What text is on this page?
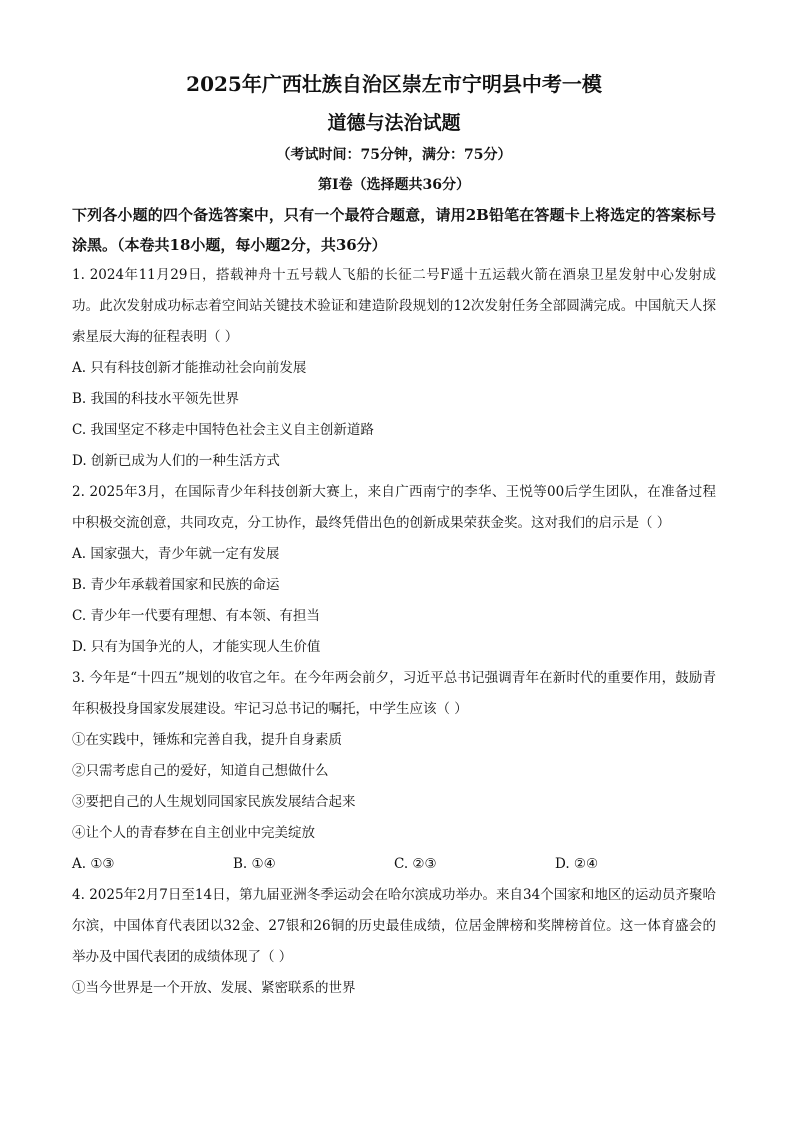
2025年广西壮族自治区崇左市宁明县中考一模
道德与法治试题
（考试时间：75分钟，满分：75分）
第I卷（选择题共36分）

下列各小题的四个备选答案中，只有一个最符合题意，请用2B铅笔在答题卡上将选定的答案标号涂黑。（本卷共18小题，每小题2分，共36分）

1. 2024年11月29日，搭载神舟十五号载人飞船的长征二号F遥十五运载火箭在酒泉卫星发射中心发射成功。此次发射成功标志着空间站关键技术验证和建造阶段规划的12次发射任务全部圆满完成。中国航天人探索星辰大海的征程表明（ ）

A. 只有科技创新才能推动社会向前发展

B. 我国的科技水平领先世界

C. 我国坚定不移走中国特色社会主义自主创新道路

D. 创新已成为人们的一种生活方式

2. 2025年3月，在国际青少年科技创新大赛上，来自广西南宁的李华、王悦等00后学生团队，在准备过程中积极交流创意，共同攻克，分工协作，最终凭借出色的创新成果荣获金奖。这对我们的启示是（ ）

A. 国家强大，青少年就一定有发展

B. 青少年承载着国家和民族的命运

C. 青少年一代要有理想、有本领、有担当

D. 只有为国争光的人，才能实现人生价值

3. 今年是“十四五”规划的收官之年。在今年两会前夕，习近平总书记强调青年在新时代的重要作用，鼓励青年积极投身国家发展建设。牢记习总书记的嘱托，中学生应该（ ）

①在实践中，锤炼和完善自我，提升自身素质

②只需考虑自己的爱好，知道自己想做什么

③要把自己的人生规划同国家民族发展结合起来

④让个人的青春梦在自主创业中完美绽放

A. ①③	B. ①④	C. ②③	D. ②④

4. 2025年2月7日至14日，第九届亚洲冬季运动会在哈尔滨成功举办。来自34个国家和地区的运动员齐聚哈尔滨，中国体育代表团以32金、27银和26铜的历史最佳成绩，位居金牌榜和奖牌榜首位。这一体育盛会的举办及中国代表团的成绩体现了（ ）

①当今世界是一个开放、发展、紧密联系的世界
